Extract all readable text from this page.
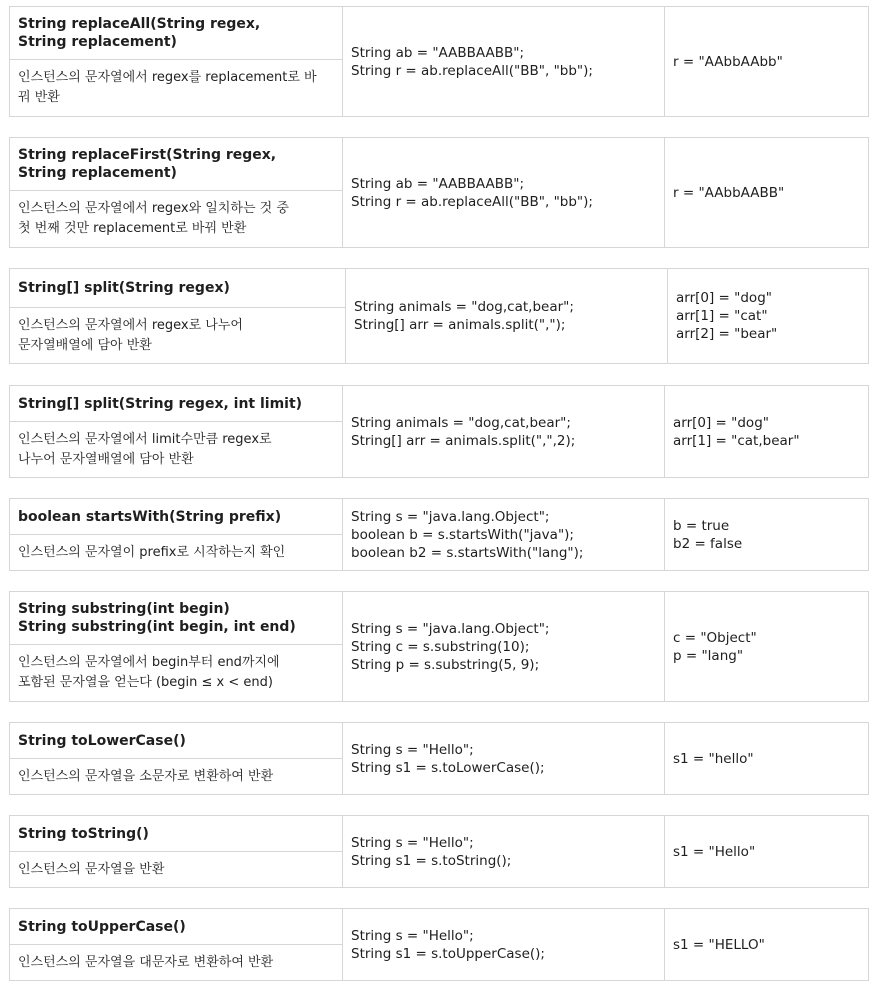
String replaceAll(String regex,
String replacement)
인스턴스의 문자열에서 regex를 replacement로 바
꿔 반환
String ab = "AABBAABB";
String r = ab.replaceAll("BB", "bb");
r = "AAbbAAbb"
String replaceFirst(String regex,
String replacement)
인스턴스의 문자열에서 regex와 일치하는 것 중
첫 번째 것만 replacement로 바꿔 반환
String ab = "AABBAABB";
String r = ab.replaceAll("BB", "bb");
r = "AAbbAABB"
String[] split(String regex)
인스턴스의 문자열에서 regex로 나누어
문자열배열에 담아 반환
String animals = "dog,cat,bear";
String[] arr = animals.split(",");
arr[0] = "dog"
arr[1] = "cat"
arr[2] = "bear"
String[] split(String regex, int limit)
인스턴스의 문자열에서 limit수만큼 regex로
나누어 문자열배열에 담아 반환
String animals = "dog,cat,bear";
String[] arr = animals.split(",",2);
arr[0] = "dog"
arr[1] = "cat,bear"
boolean startsWith(String prefix)
인스턴스의 문자열이 prefix로 시작하는지 확인
String s = "java.lang.Object";
boolean b = s.startsWith("java");
boolean b2 = s.startsWith("lang");
b = true
b2 = false
String substring(int begin)
String substring(int begin, int end)
인스턴스의 문자열에서 begin부터 end까지에
포함된 문자열을 얻는다 (begin ≤ x < end)
String s = "java.lang.Object";
String c = s.substring(10);
String p = s.substring(5, 9);
c = "Object"
p = "lang"
String toLowerCase()
인스턴스의 문자열을 소문자로 변환하여 반환
String s = "Hello";
String s1 = s.toLowerCase();
s1 = "hello"
String toString()
인스턴스의 문자열을 반환
String s = "Hello";
String s1 = s.toString();
s1 = "Hello"
String toUpperCase()
인스턴스의 문자열을 대문자로 변환하여 반환
String s = "Hello";
String s1 = s.toUpperCase();
s1 = "HELLO"
